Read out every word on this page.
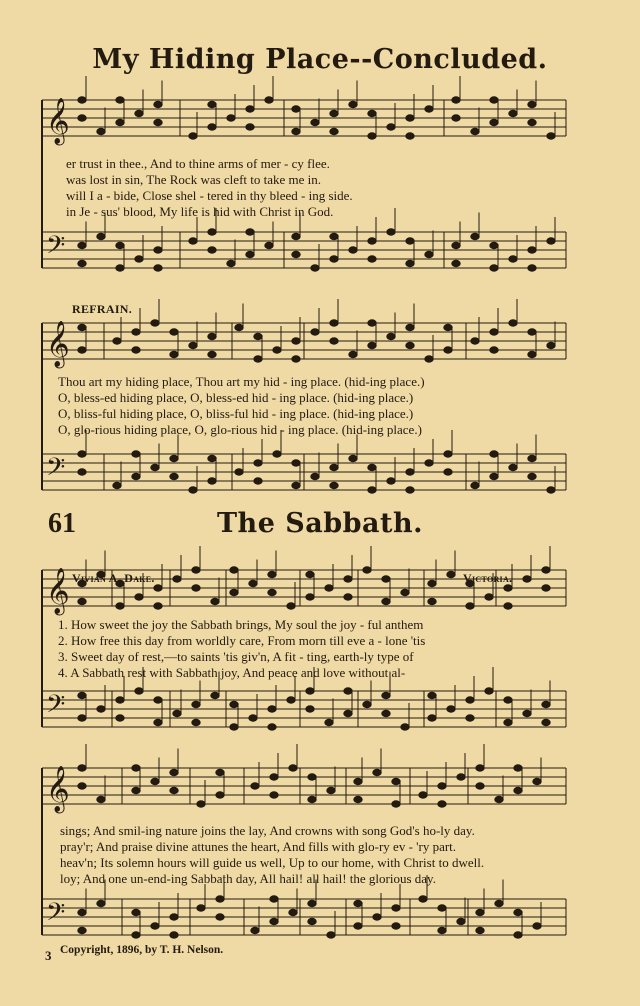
My Hiding Place--Concluded.
𝄞
𝄢
𝄞
𝄢
𝄞
𝄢
𝄞
𝄢
er trust in thee., And to thine arms of mer - cy flee.
was lost in sin, The Rock was cleft to take me in.
will I a - bide, Close shel - tered in thy bleed - ing side.
in Je - sus' blood, My life is hid with Christ in God.
REFRAIN.
Thou art my hiding place, Thou art my hid - ing place. (hid-ing place.)
O, bless-ed hiding place, O, bless-ed hid - ing place. (hid-ing place.)
O, bliss-ful hiding place, O, bliss-ful hid - ing place. (hid-ing place.)
O, glo-rious hiding place, O, glo-rious hid - ing place. (hid-ing place.)
61	The Sabbath.
Vivian A. Dake.	Victoria.
1. How sweet the joy the Sabbath brings, My soul the joy - ful anthem
2. How free this day from worldly care, From morn till eve a - lone 'tis
3. Sweet day of rest,—to saints 'tis giv'n, A fit - ting, earth-ly type of
4. A Sabbath rest with Sabbath joy, And peace and love without al-
sings; And smil-ing nature joins the lay, And crowns with song God's ho-ly day.
pray'r; And praise divine attunes the heart, And fills with glo-ry ev - 'ry part.
heav'n; Its solemn hours will guide us well, Up to our home, with Christ to dwell.
loy; And one un-end-ing Sabbath day, All hail! all hail! the glorious day.
3 Copyright, 1896, by T. H. Nelson.
